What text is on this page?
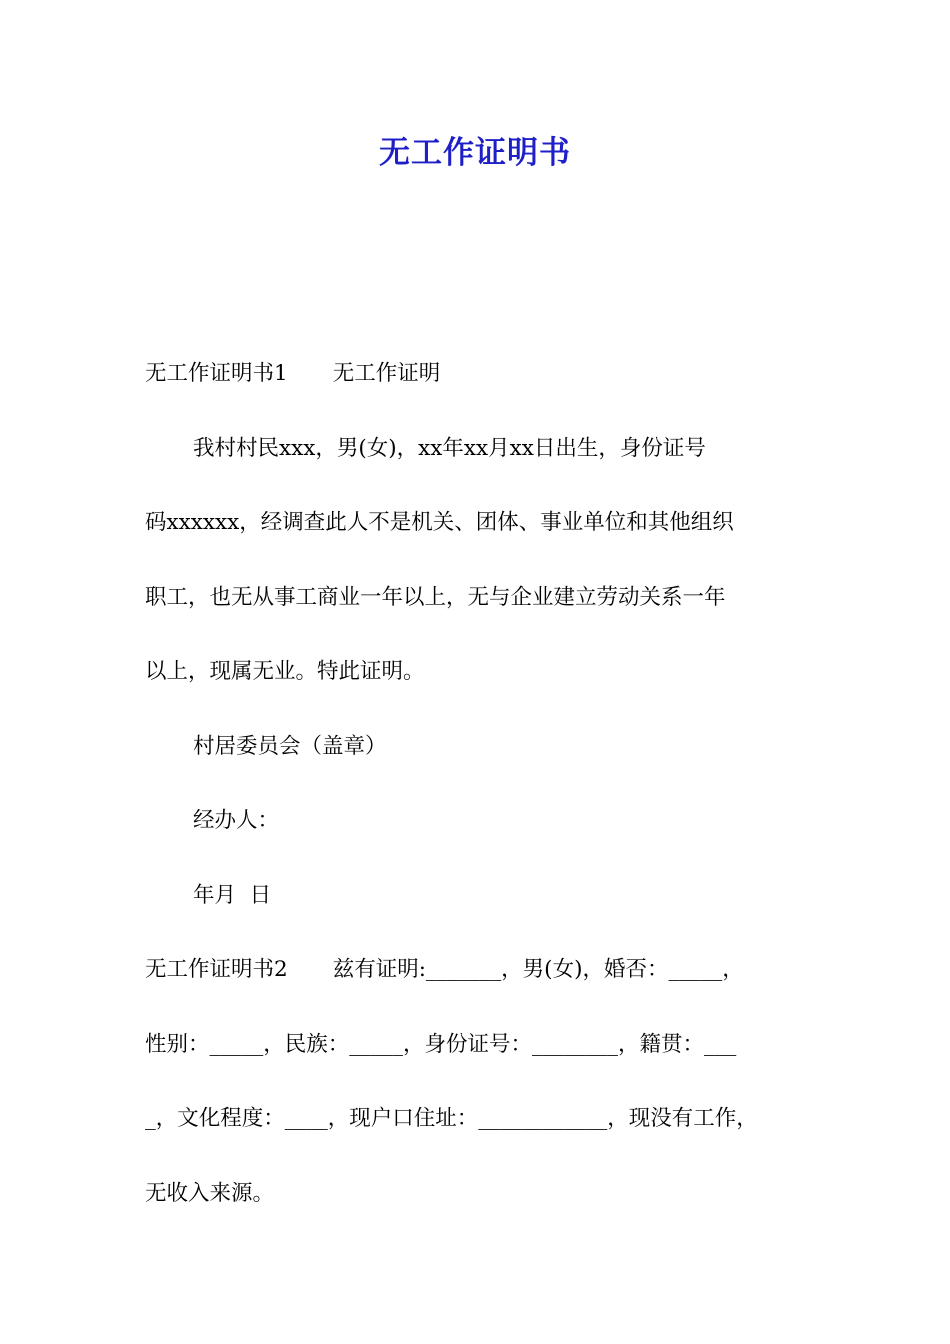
无工作证明书
无工作证明书1 无工作证明
我村村民xxx，男(女)，xx年xx月xx日出生，身份证号
码xxxxxx，经调查此人不是机关、团体、事业单位和其他组织
职工，也无从事工商业一年以上，无与企业建立劳动关系一年
以上，现属无业。特此证明。
村居委员会（盖章）
经办人：
年月  日
无工作证明书2 兹有证明:_______，男(女)，婚否：_____，
性别：_____，民族：_____，身份证号：________，籍贯：___
_，文化程度：____，现户口住址：____________，现没有工作，
无收入来源。
